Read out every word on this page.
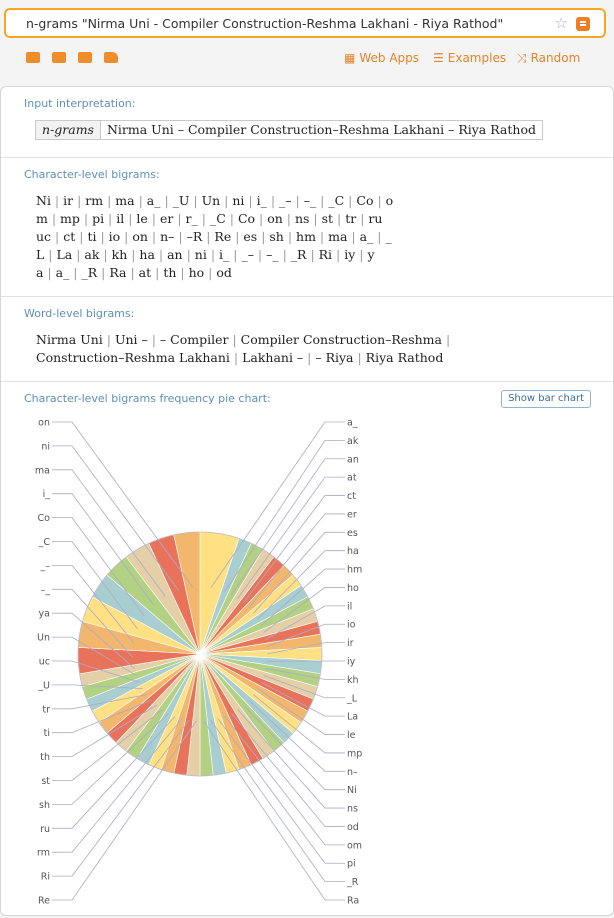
n-grams "Nirma Uni - Compiler Construction-Reshma Lakhani - Riya Rathod"	☆
▦ Web Apps ☰ Examples ⤨ Random
Input interpretation:
n-grams	Nirma Uni – Compiler Construction–Reshma Lakhani – Riya Rathod
Character-level bigrams:
Ni | ir | rm | ma | a_ | _U | Un | ni | i_ | _– | –_ | _C | Co | o
m | mp | pi | il | le | er | r_ | _C | Co | on | ns | st | tr | ru
uc | ct | ti | io | on | n– | –R | Re | es | sh | hm | ma | a_ | _
L | La | ak | kh | ha | an | ni | i_ | _– | –_ | _R | Ri | iy | y
a | a_ | _R | Ra | at | th | ho | od
Word-level bigrams:
Nirma Uni | Uni – | – Compiler | Compiler Construction–Reshma |
Construction–Reshma Lakhani | Lakhani – | – Riya | Riya Rathod
Character-level bigrams frequency pie chart:	Show bar chart
a_
ak
an
at
ct
er
es
ha
hm
ho
il
io
ir
iy
kh
_L
La
le
mp
n–
Ni
ns
od
om
pi
_R
Ra
on
ni
ma
i_
Co
_C
_–
–_
ya
Un
uc
_U
tr
ti
th
st
sh
ru
rm
Ri
Re
